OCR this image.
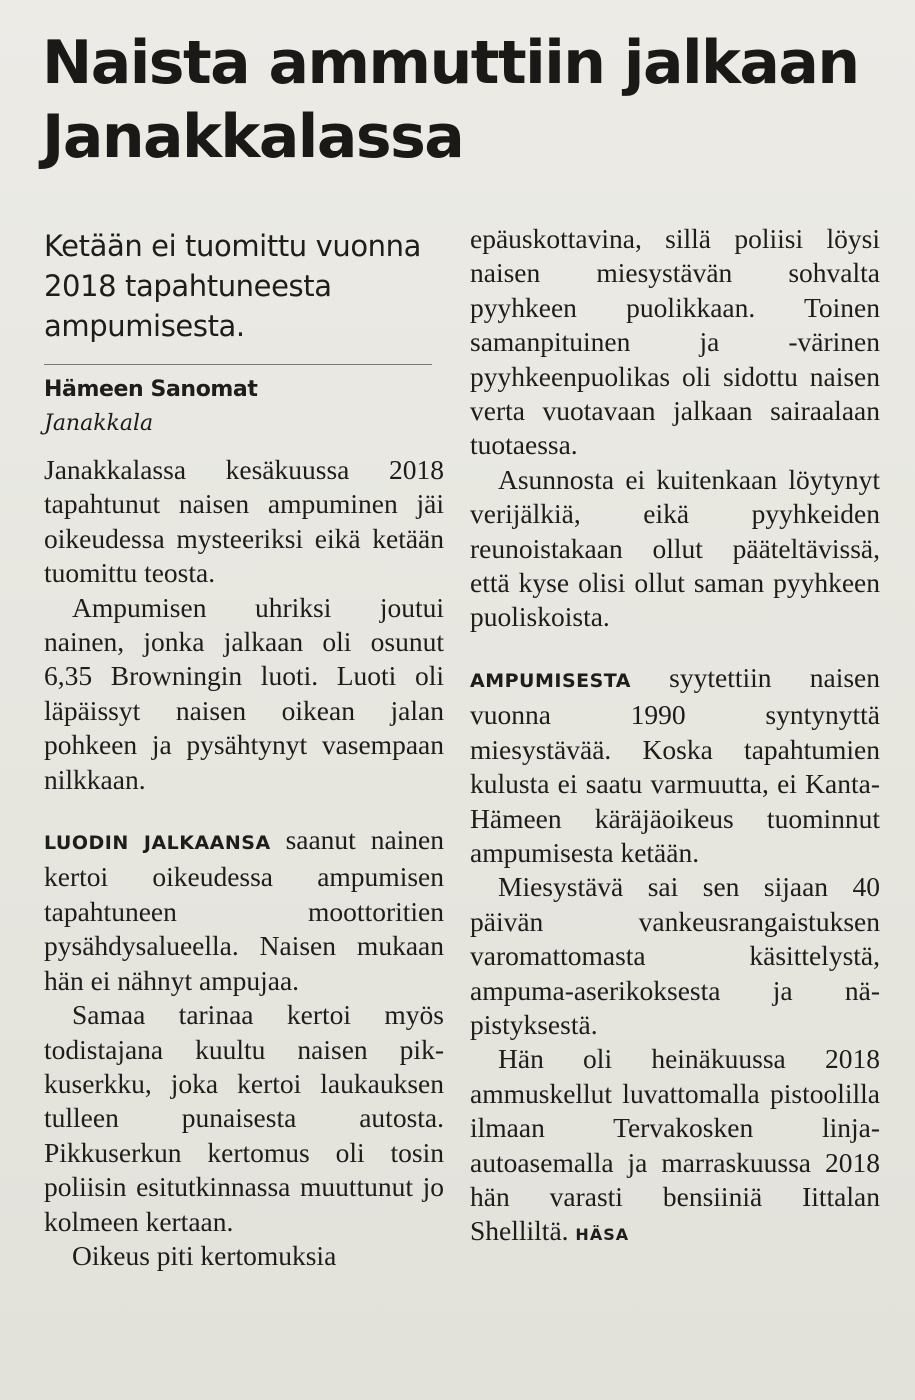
Naista ammuttiin jalkaan Janakkalassa

Ketään ei tuomittu vuonna 2018 tapahtuneesta ampumisesta.

Hämeen Sanomat
Janakkala

Janakkalassa kesäkuussa 2018 tapahtunut naisen ampuminen jäi oikeudessa mysteeriksi eikä ketään tuomittu teosta.

Ampumisen uhriksi joutui nainen, jonka jalkaan oli osunut 6,35 Browningin luoti. Luoti oli läpäissyt naisen oikean jalan pohkeen ja pysähtynyt vasempaan nilkkaan.

LUODIN JALKAANSA saanut nainen kertoi oikeudessa ampumisen tapahtuneen moottoritien pysähdysalueella. Naisen mukaan hän ei nähnyt ampujaa.

Samaa tarinaa kertoi myös todistajana kuultu naisen pikkuserkku, joka kertoi laukauksen tulleen punaisesta autosta. Pikkuserkun kertomus oli tosin poliisin esitutkinnassa muuttunut jo kolmeen kertaan.

Oikeus piti kertomuksia

epäuskottavina, sillä poliisi löysi naisen miesystävän sohvalta pyyhkeen puolikkaan. Toinen samanpituinen ja -värinen pyyhkeenpuolikas oli sidottu naisen verta vuotavaan jalkaan sairaalaan tuotaessa.

Asunnosta ei kuitenkaan löytynyt verijälkiä, eikä pyyhkeiden reunoistakaan ollut pääteltävissä, että kyse olisi ollut saman pyyhkeen puoliskoista.

AMPUMISESTA syytettiin naisen vuonna 1990 syntynyttä miesystävää. Koska tapahtumien kulusta ei saatu varmuutta, ei Kanta-Hämeen käräjäoikeus tuominnut ampumisesta ketään.

Miesystävä sai sen sijaan 40 päivän vankeusrangaistuksen varomattomasta käsittelystä, ampuma-aserikoksesta ja näpistyksestä.

Hän oli heinäkuussa 2018 ammuskellut luvattomalla pistoolilla ilmaan Tervakosken linja-autoasemalla ja marraskuussa 2018 hän varasti bensiiniä Iittalan Shelliltä. HÄSA
